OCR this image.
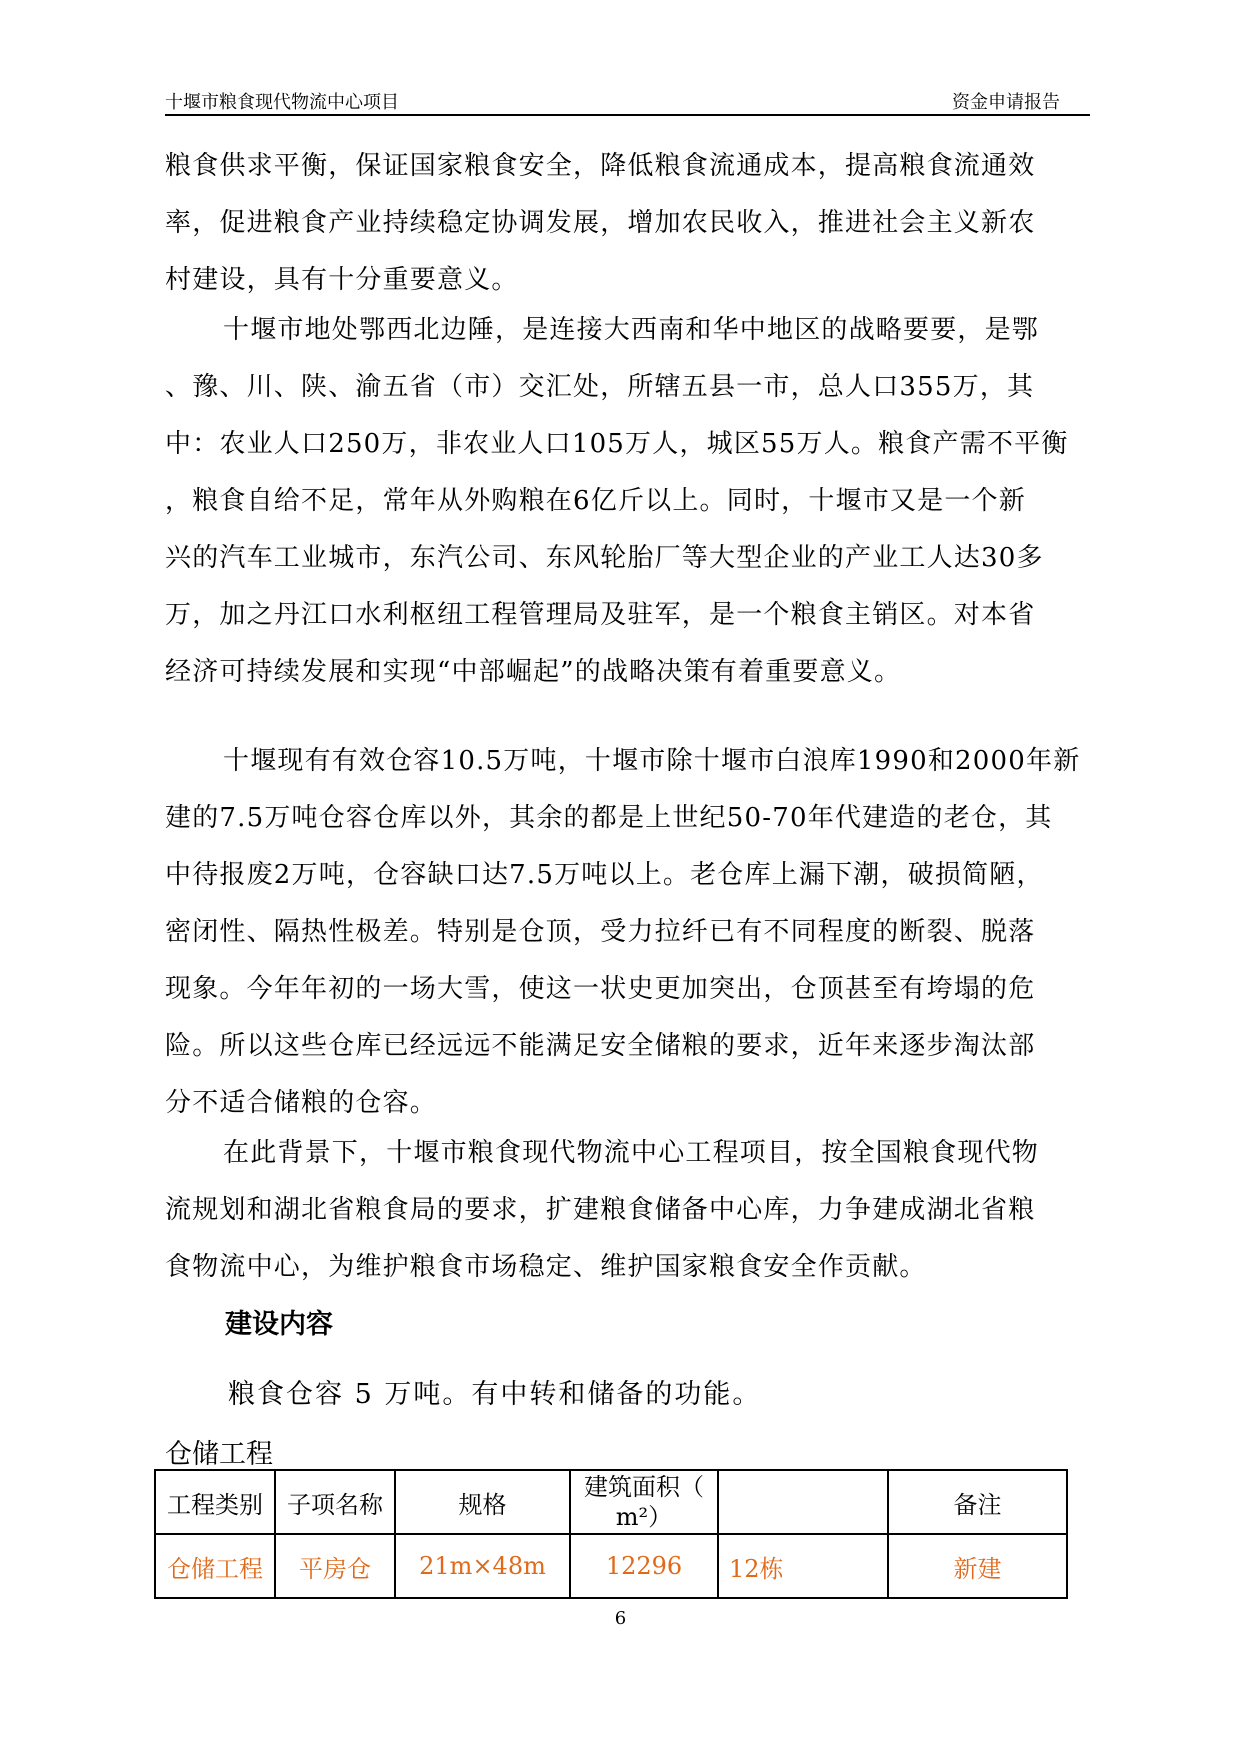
十堰市粮食现代物流中心项目	资金申请报告
粮食供求平衡，保证国家粮食安全，降低粮食流通成本，提高粮食流通效
率，促进粮食产业持续稳定协调发展，增加农民收入，推进社会主义新农
村建设，具有十分重要意义。
十堰市地处鄂西北边陲，是连接大西南和华中地区的战略要要，是鄂
、豫、川、陕、渝五省（市）交汇处，所辖五县一市，总人口355万，其
中：农业人口250万，非农业人口105万人，城区55万人。粮食产需不平衡
，粮食自给不足，常年从外购粮在6亿斤以上。同时，十堰市又是一个新
兴的汽车工业城市，东汽公司、东风轮胎厂等大型企业的产业工人达30多
万，加之丹江口水利枢纽工程管理局及驻军，是一个粮食主销区。对本省
经济可持续发展和实现“中部崛起”的战略决策有着重要意义。
十堰现有有效仓容10.5万吨，十堰市除十堰市白浪库1990和2000年新
建的7.5万吨仓容仓库以外，其余的都是上世纪50-70年代建造的老仓，其
中待报废2万吨，仓容缺口达7.5万吨以上。老仓库上漏下潮，破损简陋，
密闭性、隔热性极差。特别是仓顶，受力拉纤已有不同程度的断裂、脱落
现象。今年年初的一场大雪，使这一状史更加突出，仓顶甚至有垮塌的危
险。所以这些仓库已经远远不能满足安全储粮的要求，近年来逐步淘汰部
分不适合储粮的仓容。
在此背景下，十堰市粮食现代物流中心工程项目，按全国粮食现代物
流规划和湖北省粮食局的要求，扩建粮食储备中心库，力争建成湖北省粮
食物流中心，为维护粮食市场稳定、维护国家粮食安全作贡献。
建设内容
粮食仓容 5 万吨。有中转和储备的功能。
仓储工程
工程类别	子项名称	规格	建筑面积（
m²）		备注
仓储工程	平房仓	21m×48m	12296	12栋	新建
6
